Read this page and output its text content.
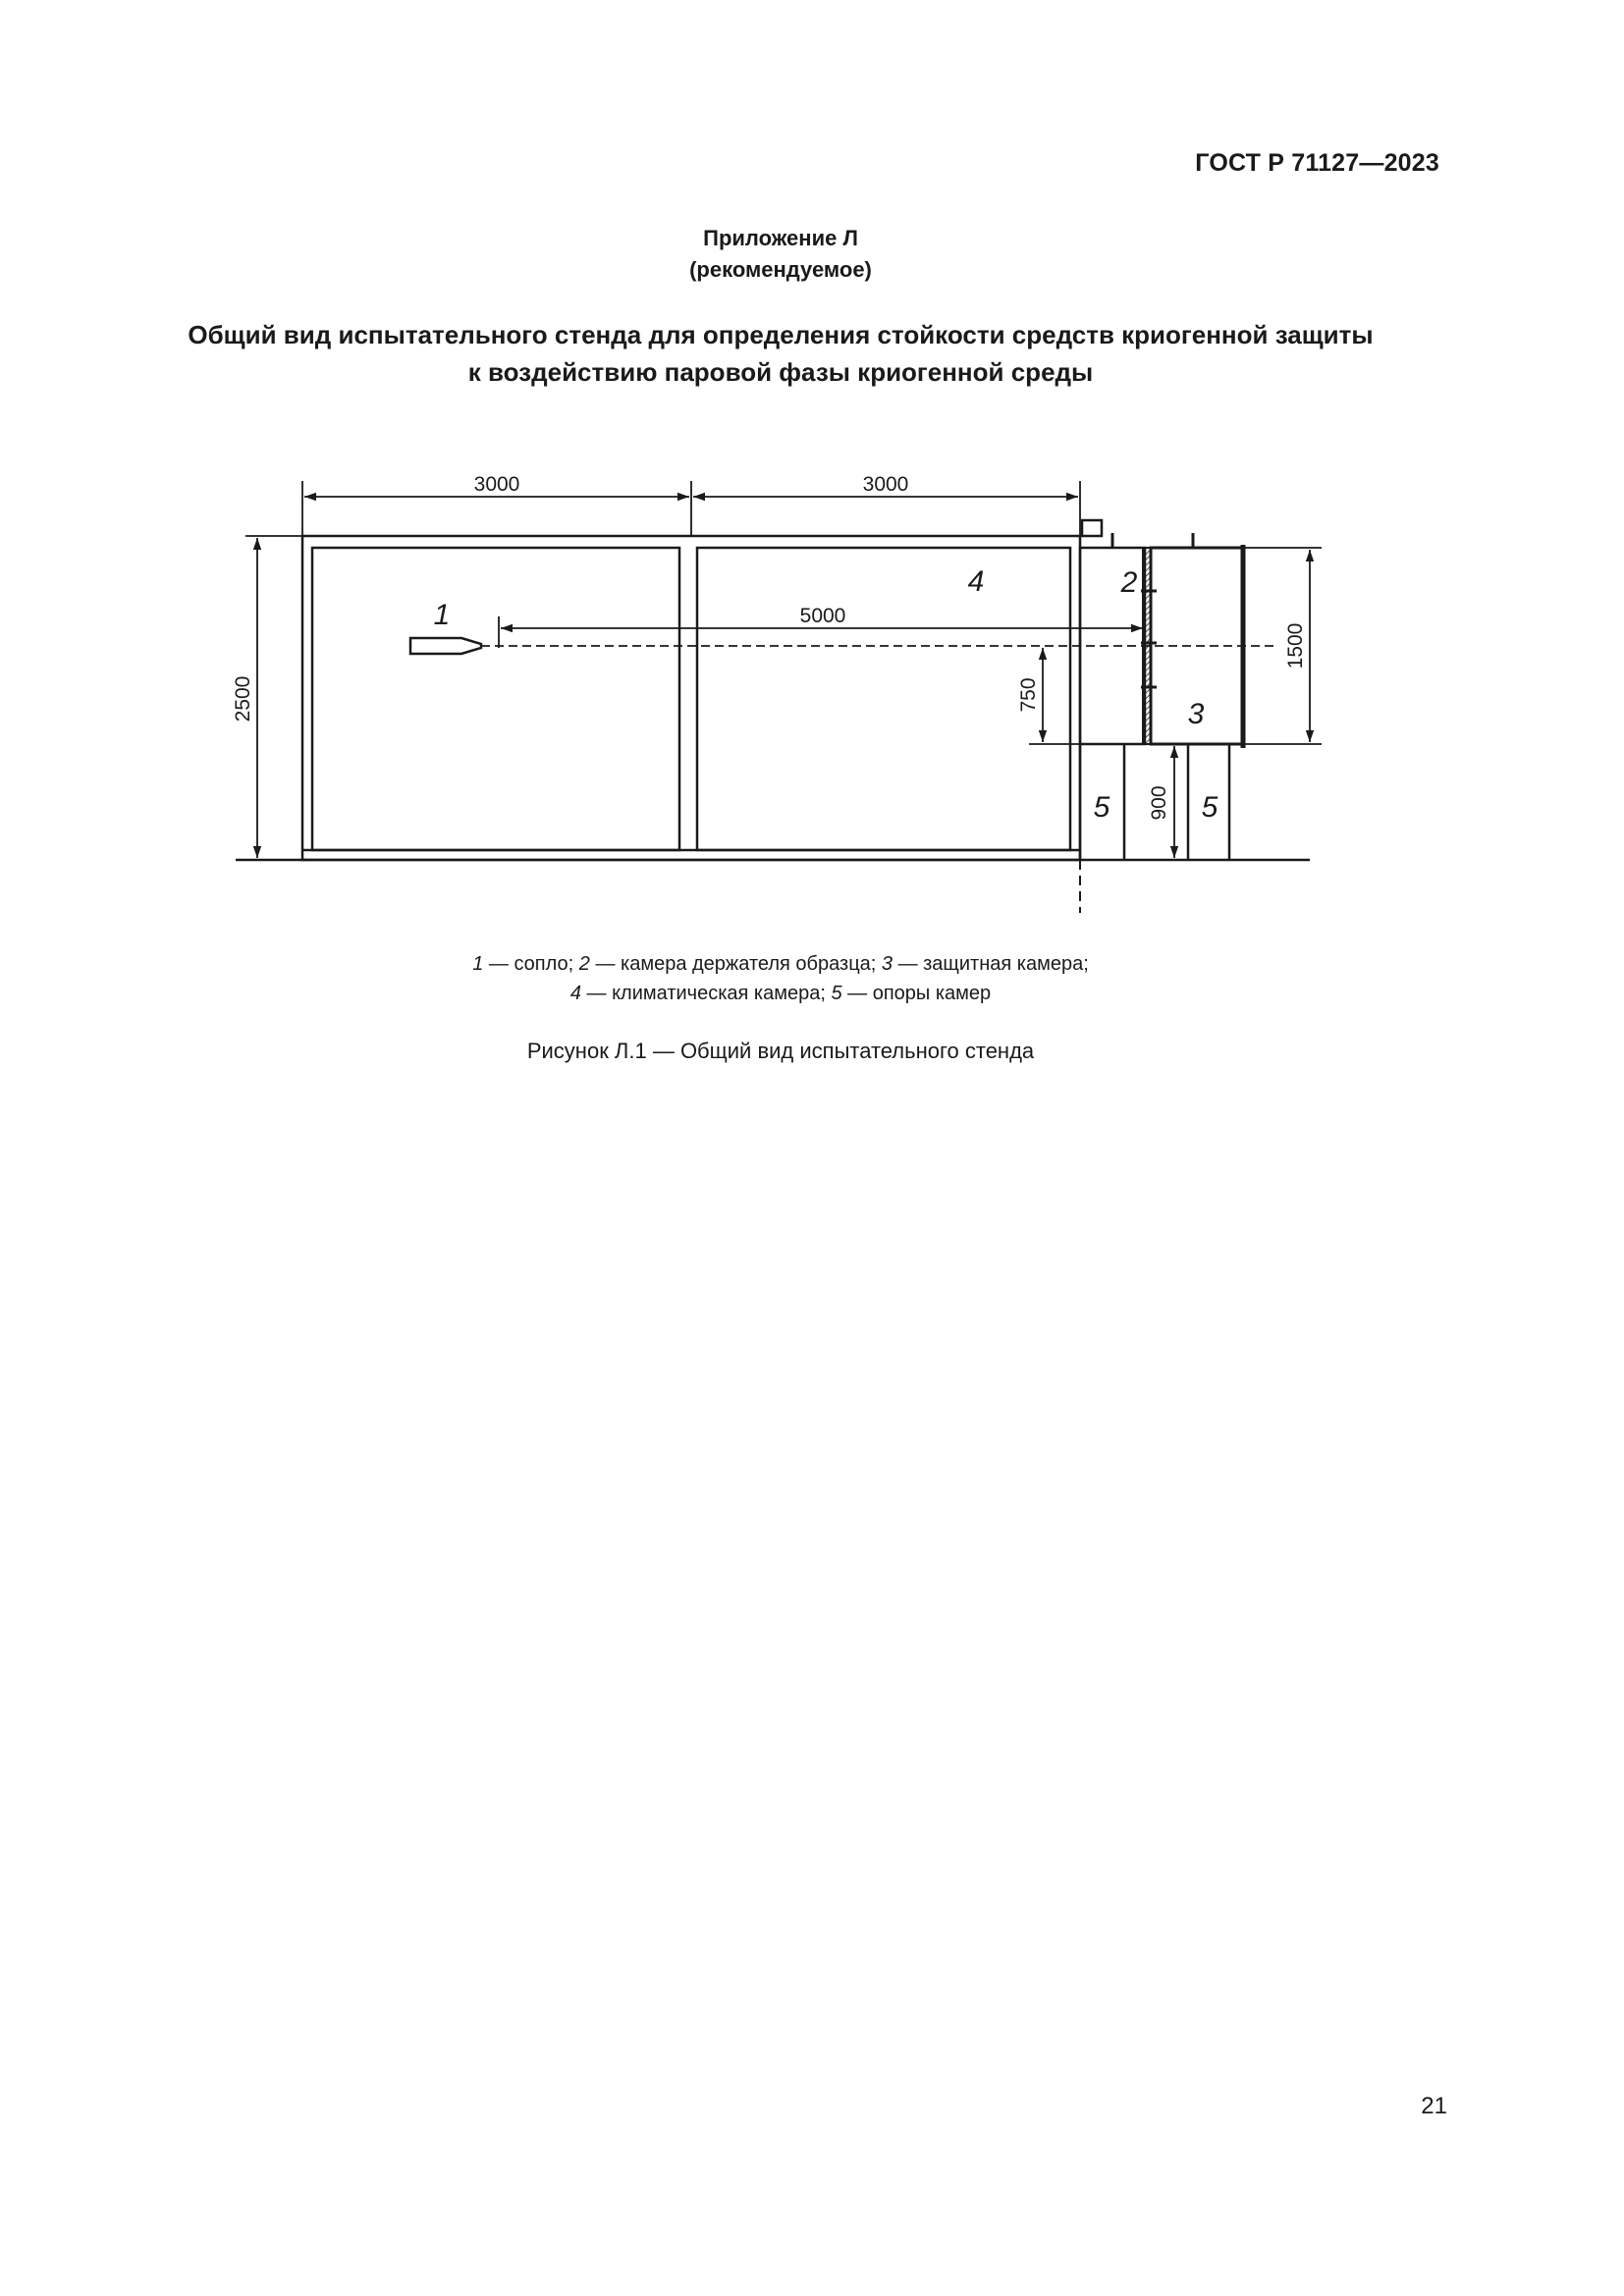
ГОСТ Р 71127—2023
Приложение Л
(рекомендуемое)
Общий вид испытательного стенда для определения стойкости средств криогенной защиты
к воздействию паровой фазы криогенной среды
3000	3000
2500
5000
750
1500
900
1
2
3
4
5	5
1 — сопло; 2 — камера держателя образца; 3 — защитная камера;
4 — климатическая камера; 5 — опоры камер
Рисунок Л.1 — Общий вид испытательного стенда
21
